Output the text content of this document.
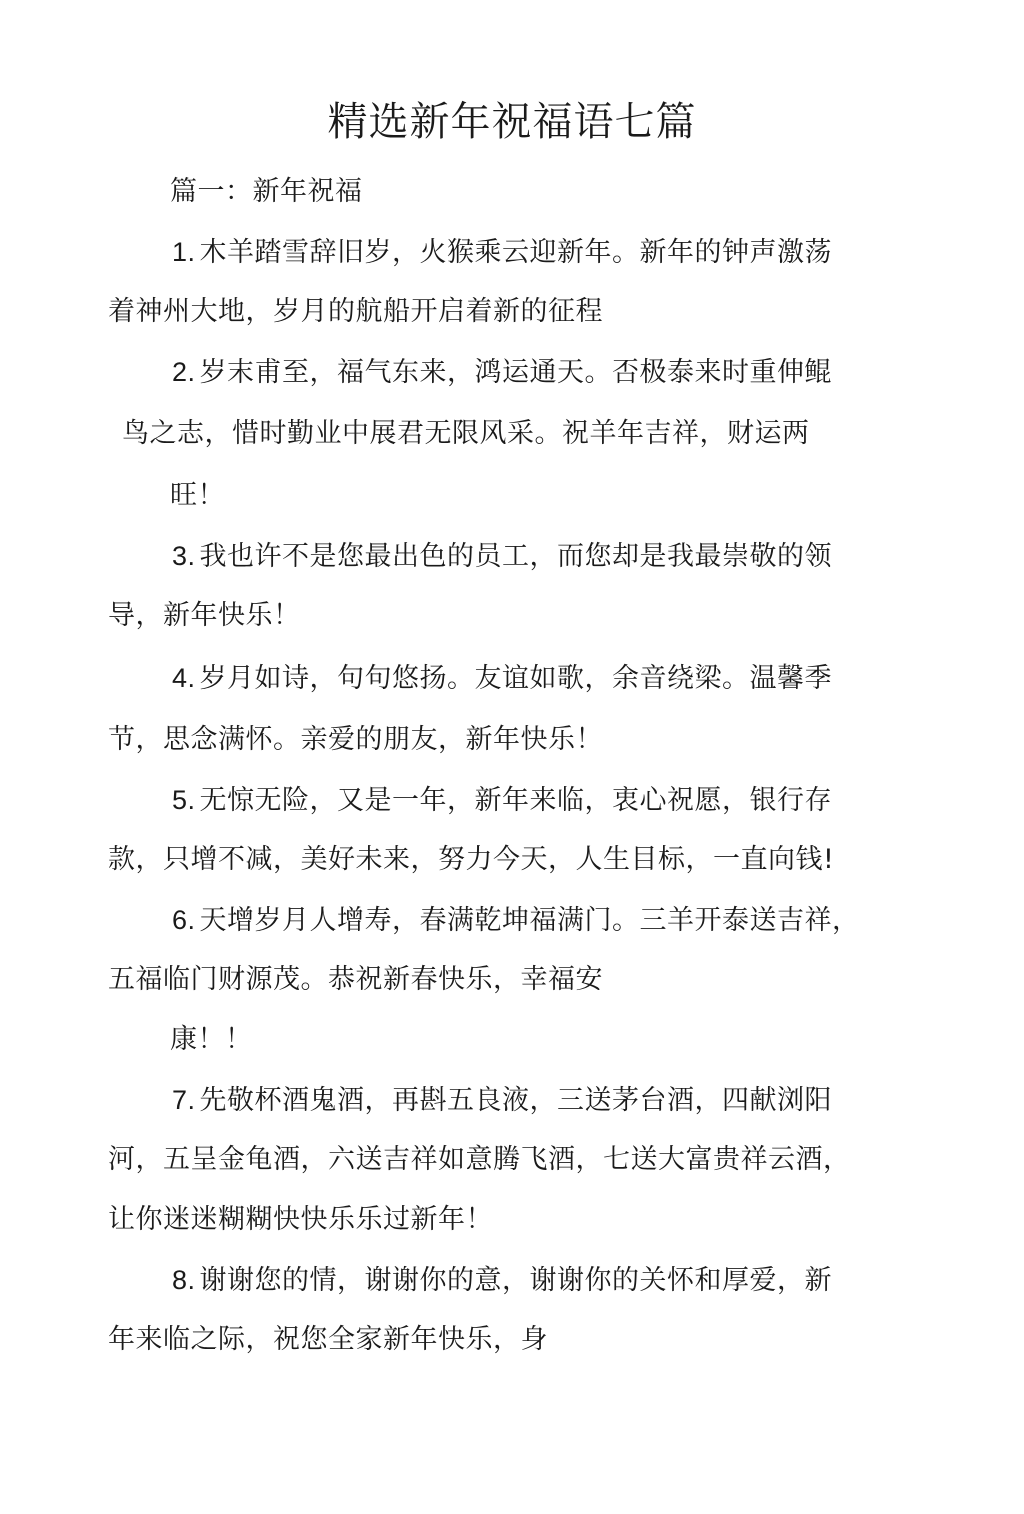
精选新年祝福语七篇
篇一：新年祝福
1. 木羊踏雪辞旧岁，火猴乘云迎新年。新年的钟声激荡
着神州大地，岁月的航船开启着新的征程
2. 岁末甫至，福气东来，鸿运通天。否极泰来时重伸鲲
鸟之志，惜时勤业中展君无限风采。祝羊年吉祥，财运两
旺！
3. 我也许不是您最出色的员工，而您却是我最崇敬的领
导，新年快乐！
4. 岁月如诗，句句悠扬。友谊如歌，余音绕梁。温馨季
节，思念满怀。亲爱的朋友，新年快乐！
5. 无惊无险，又是一年，新年来临，衷心祝愿，银行存
款，只增不减，美好未来，努力今天，人生目标，一直向钱!
6. 天增岁月人增寿，春满乾坤福满门。三羊开泰送吉祥，
五福临门财源茂。恭祝新春快乐，幸福安
康！！
7. 先敬杯酒鬼酒，再斟五良液，三送茅台酒，四献浏阳
河，五呈金龟酒，六送吉祥如意腾飞酒，七送大富贵祥云酒，
让你迷迷糊糊快快乐乐过新年！
8. 谢谢您的情，谢谢你的意，谢谢你的关怀和厚爱，新
年来临之际，祝您全家新年快乐，身
